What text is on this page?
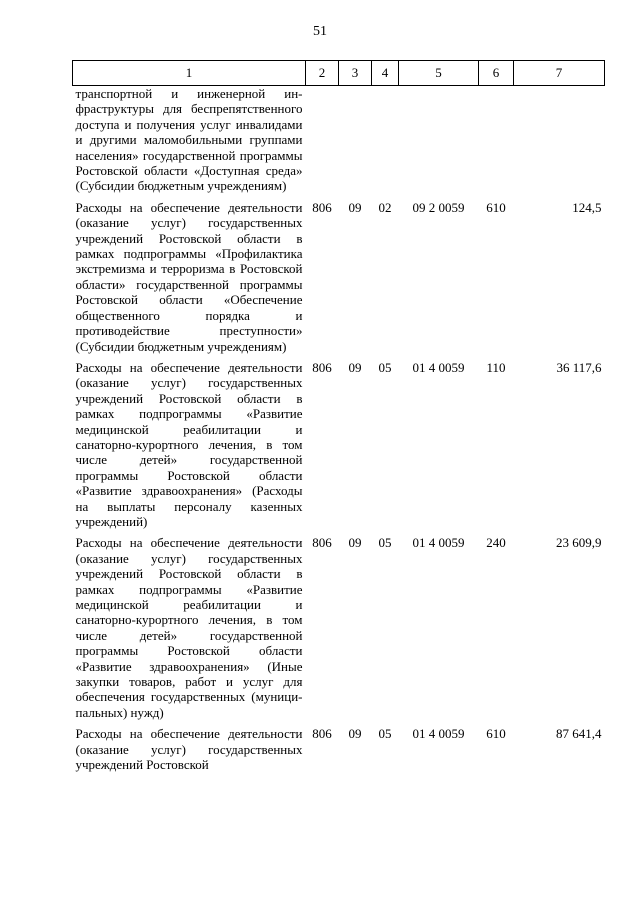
51
1	2	3	4	5	6	7
транспортной и инженерной инфраструктуры для беспрепятственного доступа и получения услуг инвалидами и другими маломобильными группами населения» государственной программы Ростовской области «Доступная среда» (Субсидии бюджетным учреждениям)						
Расходы на обеспечение деятельности (оказание услуг) государственных учреждений Ростовской области в рамках подпрограммы «Профилактика экстремизма и терроризма в Ростовской области» государственной программы Ростовской области «Обеспечение общественного порядка и противодействие преступности» (Субсидии бюджетным учреждениям)	806	09	02	09 2 0059	610	124,5
Расходы на обеспечение деятельности (оказание услуг) государственных учреждений Ростовской области в рамках подпрограммы «Развитие медицинской реабилитации и санаторно-курортного лечения, в том числе детей» государственной программы Ростовской области «Развитие здравоохранения» (Расходы на выплаты персоналу казенных учреждений)	806	09	05	01 4 0059	110	36 117,6
Расходы на обеспечение деятельности (оказание услуг) государственных учреждений Ростовской области в рамках подпрограммы «Развитие медицинской реабилитации и санаторно-курортного лечения, в том числе детей» государственной программы Ростовской области «Развитие здравоохранения» (Иные закупки товаров, работ и услуг для обеспечения государственных (муниципальных) нужд)	806	09	05	01 4 0059	240	23 609,9
Расходы на обеспечение деятельности (оказание услуг) государственных учреждений Ростовской	806	09	05	01 4 0059	610	87 641,4
